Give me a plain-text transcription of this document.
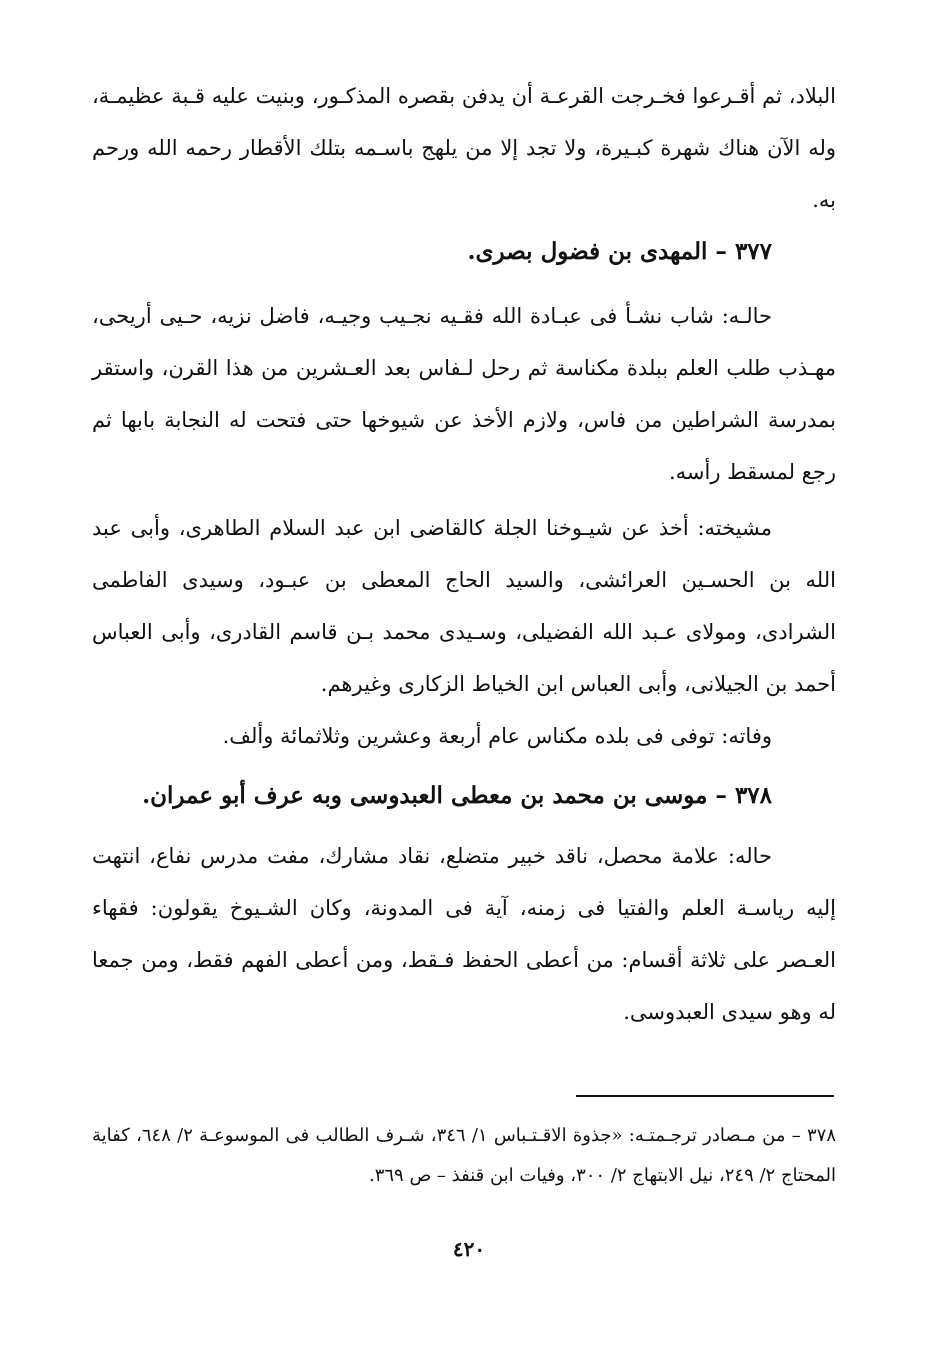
البلاد، ثم أقـرعوا فخـرجت القرعـة أن يدفن بقصره المذكـور، وبنيت عليه قـبة عظيمـة، وله الآن هناك شهرة كبـيرة، ولا تجد إلا من يلهج باسـمه بتلك الأقطار رحمه الله ورحم به.

٣٧٧ – المهدى بن فضول بصرى.

حالـه: شاب نشـأ فى عبـادة الله فقـيه نجـيب وجيـه، فاضل نزيه، حـيى أريحى، مهـذب طلب العلم ببلدة مكناسة ثم رحل لـفاس بعد العـشرين من هذا القرن، واستقر بمدرسة الشراطين من فاس، ولازم الأخذ عن شيوخها حتى فتحت له النجابة بابها ثم رجع لمسقط رأسه.

مشيخته: أخذ عن شيـوخنا الجلة كالقاضى ابن عبد السلام الطاهرى، وأبى عبد الله بن الحسـين العرائشى، والسيد الحاج المعطى بن عبـود، وسيدى الفاطمى الشرادى، ومولاى عـبد الله الفضيلى، وسـيدى محمد بـن قاسم القادرى، وأبى العباس أحمد بن الجيلانى، وأبى العباس ابن الخياط الزكارى وغيرهم.

وفاته: توفى فى بلده مكناس عام أربعة وعشرين وثلاثمائة وألف.

٣٧٨ – موسى بن محمد بن معطى العبدوسى وبه عرف أبو عمران.

حاله: علامة محصل، ناقد خبير متضلع، نقاد مشارك، مفت مدرس نفاع، انتهت إليه رياسـة العلم والفتيا فى زمنه، آية فى المدونة، وكان الشـيوخ يقولون: فقهاء العـصر على ثلاثة أقسام: من أعطى الحفظ فـقط، ومن أعطى الفهم فقط، ومن جمعا له وهو سيدى العبدوسى.

٣٧٨ – من مـصادر ترجـمتـه: «جذوة الاقـتـباس ١/ ٣٤٦، شـرف الطالب فى الموسوعـة ٢/ ٦٤٨، كفاية المحتاج ٢/ ٢٤٩، نيل الابتهاج ٢/ ٣٠٠، وفيات ابن قنفذ – ص ٣٦٩.

٤٢٠
